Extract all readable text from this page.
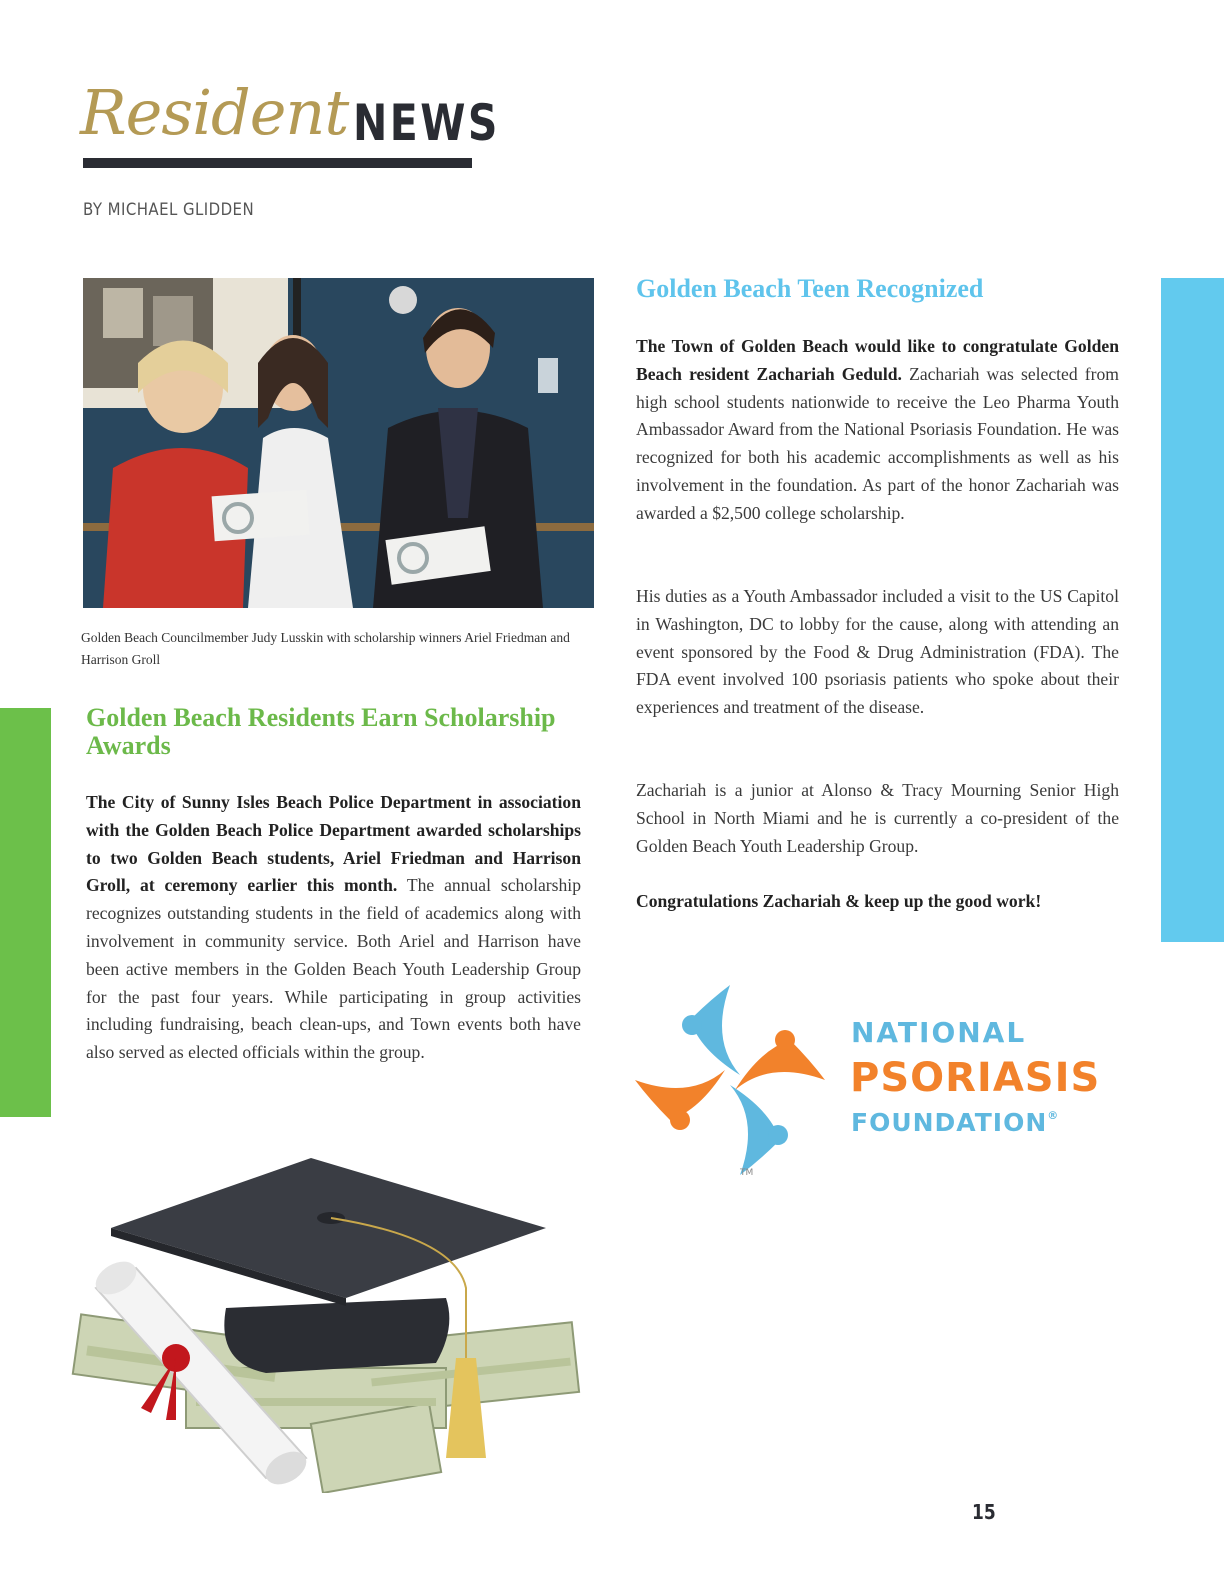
Resident NEWS
BY MICHAEL GLIDDEN
Golden Beach Councilmember Judy Lusskin with scholarship winners Ariel Friedman and Harrison Groll
Golden Beach Residents Earn Scholarship Awards
The City of Sunny Isles Beach Police Department in association with the Golden Beach Police Department awarded scholarships to two Golden Beach students, Ariel Friedman and Harrison Groll, at ceremony earlier this month. The annual scholarship recognizes outstanding students in the field of academics along with involvement in community service. Both Ariel and Harrison have been active members in the Golden Beach Youth Leadership Group for the past four years. While participating in group activities including fundraising, beach clean-ups, and Town events both have also served as elected officials within the group.
Golden Beach Teen Recognized
The Town of Golden Beach would like to congratulate Golden Beach resident Zachariah Geduld. Zachariah was selected from high school students nationwide to receive the Leo Pharma Youth Ambassador Award from the National Psoriasis Foundation. He was recognized for both his academic accomplishments as well as his involvement in the foundation. As part of the honor Zachariah was awarded a $2,500 college scholarship.
His duties as a Youth Ambassador included a visit to the US Capitol in Washington, DC to lobby for the cause, along with attending an event sponsored by the Food & Drug Administration (FDA). The FDA event involved 100 psoriasis patients who spoke about their experiences and treatment of the disease.
Zachariah is a junior at Alonso & Tracy Mourning Senior High School in North Miami and he is currently a co-president of the Golden Beach Youth Leadership Group.
Congratulations Zachariah & keep up the good work!
NATIONAL
PSORIASIS
FOUNDATION®
TM
15
